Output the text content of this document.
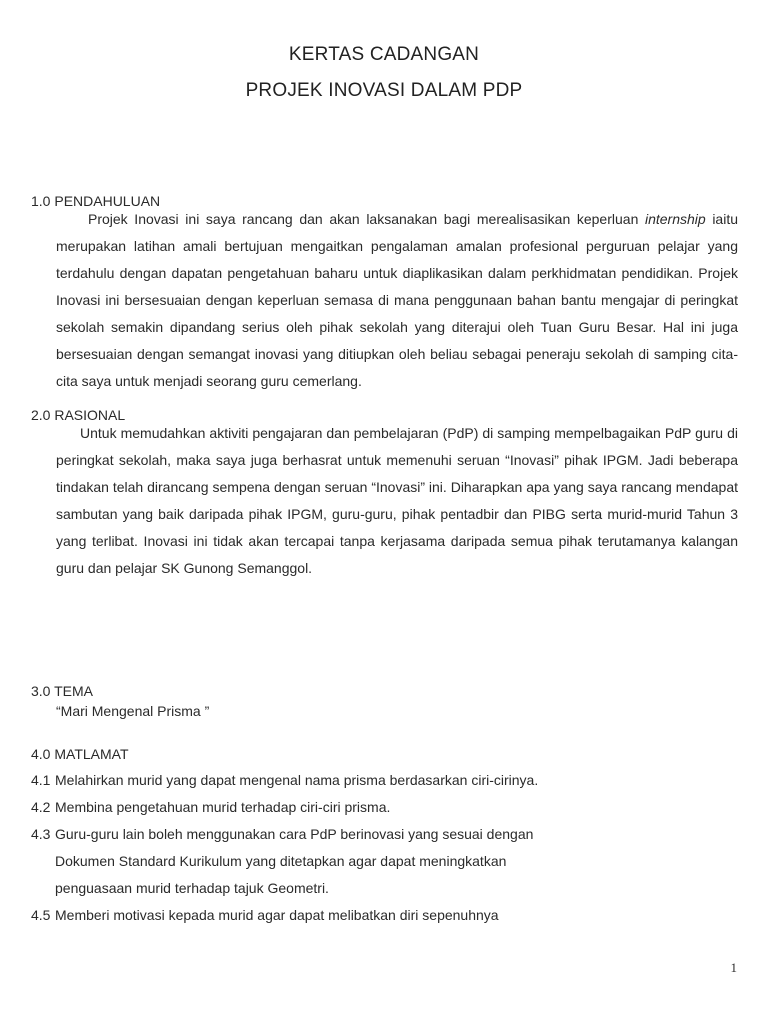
KERTAS CADANGAN
PROJEK INOVASI DALAM PDP
1.0 PENDAHULUAN
Projek Inovasi ini saya rancang dan akan laksanakan bagi merealisasikan keperluan internship iaitu merupakan latihan amali bertujuan mengaitkan pengalaman amalan profesional perguruan pelajar yang terdahulu dengan dapatan pengetahuan baharu untuk diaplikasikan dalam perkhidmatan pendidikan. Projek Inovasi ini bersesuaian dengan keperluan semasa di mana penggunaan bahan bantu mengajar di peringkat sekolah semakin dipandang serius oleh pihak sekolah yang diterajui oleh Tuan Guru Besar. Hal ini juga bersesuaian dengan semangat inovasi yang ditiupkan oleh beliau sebagai peneraju sekolah di samping cita-cita saya untuk menjadi seorang guru cemerlang.
2.0 RASIONAL
Untuk memudahkan aktiviti pengajaran dan pembelajaran (PdP) di samping mempelbagaikan PdP guru di peringkat sekolah, maka saya juga berhasrat untuk memenuhi seruan “Inovasi” pihak IPGM. Jadi beberapa tindakan telah dirancang sempena dengan seruan “Inovasi” ini. Diharapkan apa yang saya rancang mendapat sambutan yang baik daripada pihak IPGM, guru-guru, pihak pentadbir dan PIBG serta murid-murid Tahun 3 yang terlibat. Inovasi ini tidak akan tercapai tanpa kerjasama daripada semua pihak terutamanya kalangan guru dan pelajar SK Gunong Semanggol.
3.0 TEMA
“Mari Mengenal Prisma ”
4.0 MATLAMAT
4.1 Melahirkan murid yang dapat mengenal nama prisma berdasarkan ciri-cirinya.
4.2 Membina pengetahuan murid terhadap ciri-ciri prisma.
4.3 Guru-guru lain boleh menggunakan cara PdP berinovasi yang sesuai dengan
Dokumen Standard Kurikulum yang ditetapkan agar dapat meningkatkan
penguasaan murid terhadap tajuk Geometri.
4.5 Memberi motivasi kepada murid agar dapat melibatkan diri sepenuhnya
1
